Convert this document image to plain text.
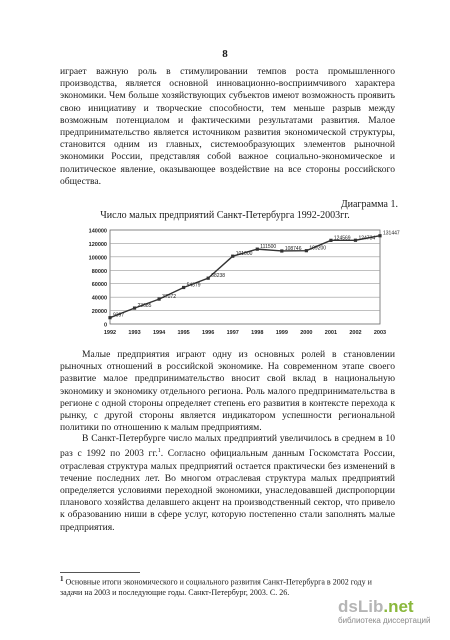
8

играет важную роль в стимулировании темпов роста промышленного производства, является основной инновационно-восприимчивого характера экономики. Чем больше хозяйствующих субъектов имеют возможность проявить свою инициативу и творческие способности, тем меньше разрыв между возможным потенциалом и фактическими результатами развития. Малое предпринимательство является источником развития экономической структуры, становится одним из главных, системообразующих элементов рыночной экономики России, представляя собой важное социально-экономическое и политическое явление, оказывающее воздействие на все стороны российского общества.

Диаграмма 1.
Число малых предприятий Санкт-Петербурга 1992-2003гг.
0
20000
40000
60000
80000
100000
120000
140000
1992 1993 1994 1995 1996 1997 1998 1999 2000 2001 2002 2003
9397
23685
37072
54379
68238
101000
111500 108746 109200
124569 124734
131447

Малые предприятия играют одну из основных ролей в становлении рыночных отношений в российской экономике. На современном этапе своего развитие малое предпринимательство вносит свой вклад в национальную экономику и экономику отдельного региона. Роль малого предпринимательства в регионе с одной стороны определяет степень его развития в контексте перехода к рынку, с другой стороны является индикатором успешности региональной политики по отношению к малым предприятиям.

В Санкт-Петербурге число малых предприятий увеличилось в среднем в 10 раз с 1992 по 2003 гг.$^1$. Согласно официальным данным Госкомстата России, отраслевая структура малых предприятий остается практически без изменений в течение последних лет. Во многом отраслевая структура малых предприятий определяется условиями переходной экономики, унаследовавшей диспропорции планового хозяйства делавшего акцент на производственный сектор, что привело к образованию ниши в сфере услуг, которую постепенно стали заполнять малые предприятия.

$^1$ Основные итоги экономического и социального развития Санкт-Петербурга в 2002 году и задачи на 2003 и последующие годы. Санкт-Петербург, 2003. С. 26.

dsLib.net
библиотека диссертаций
